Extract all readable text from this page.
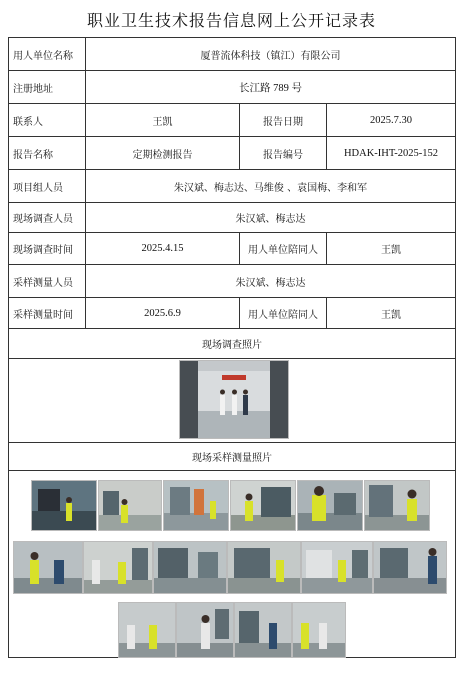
职业卫生技术报告信息网上公开记录表
用人单位名称	厦普流体科技（镇江）有限公司		
注册地址	长江路 789 号		
联系人	王凯	报告日期	2025.7.30
报告名称	定期检测报告	报告编号	HDAK-IHT-2025-152
项目组人员	朱汉斌、梅志达、马维俊 、袁国梅、李和军		
现场调查人员	朱汉斌、梅志达		
现场调查时间	2025.4.15	用人单位陪同人	王凯
采样测量人员	朱汉斌、梅志达		
采样测量时间	2025.6.9	用人单位陪同人	王凯
现场调查照片			

现场采样测量照片			
